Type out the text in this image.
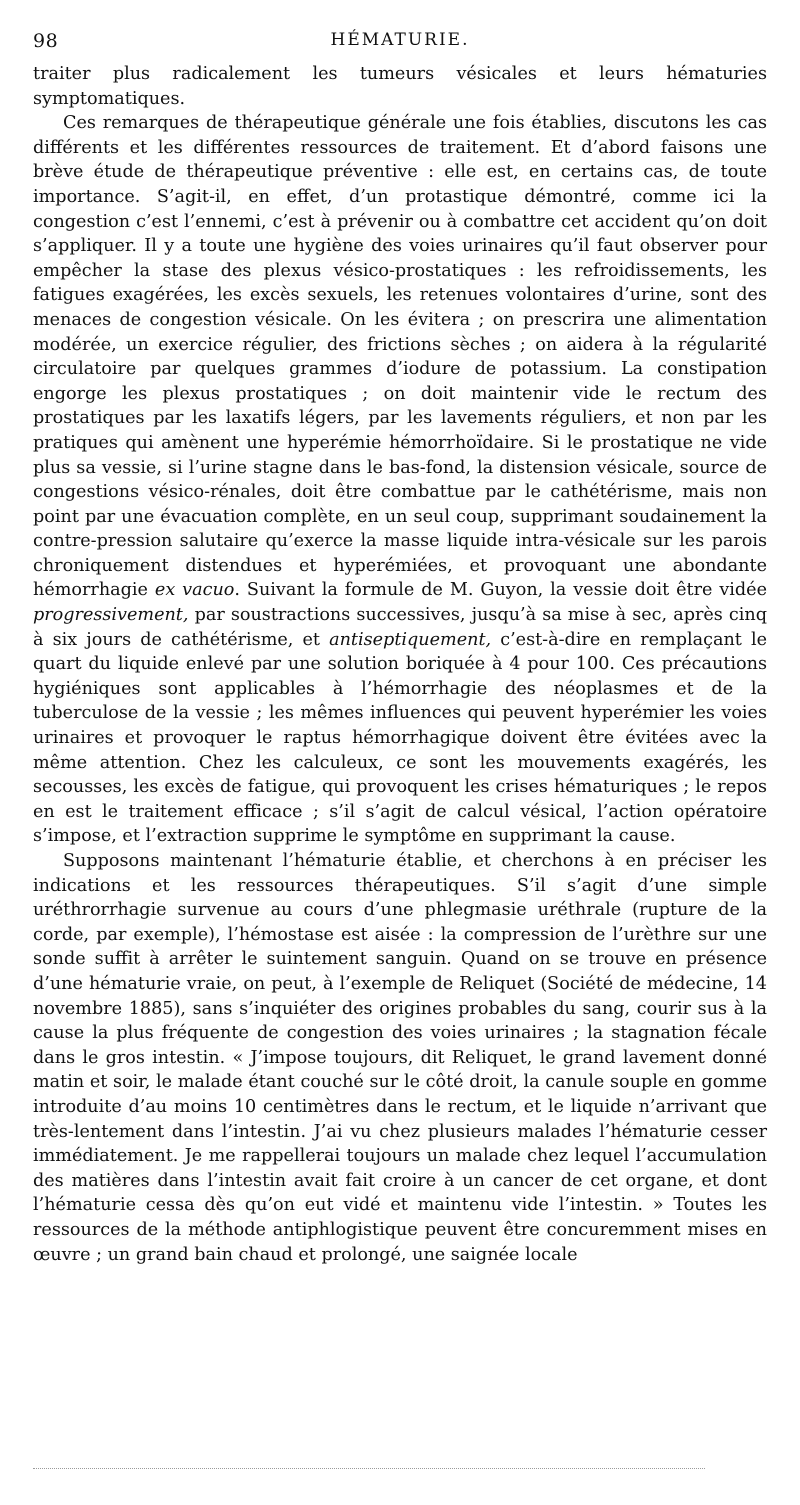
98	HÉMATURIE.

traiter plus radicalement les tumeurs vésicales et leurs hématuries symptomatiques.

Ces remarques de thérapeutique générale une fois établies, discutons les cas différents et les différentes ressources de traitement. Et d’abord faisons une brève étude de thérapeutique préventive : elle est, en certains cas, de toute importance. S’agit-il, en effet, d’un protastique démontré, comme ici la congestion c’est l’ennemi, c’est à prévenir ou à combattre cet accident qu’on doit s’appliquer. Il y a toute une hygiène des voies urinaires qu’il faut observer pour empêcher la stase des plexus vésico-prostatiques : les refroidissements, les fatigues exagérées, les excès sexuels, les retenues volontaires d’urine, sont des menaces de congestion vésicale. On les évitera ; on prescrira une alimentation modérée, un exercice régulier, des frictions sèches ; on aidera à la régularité circulatoire par quelques grammes d’iodure de potassium. La constipation engorge les plexus prostatiques ; on doit maintenir vide le rectum des prostatiques par les laxatifs légers, par les lavements réguliers, et non par les pratiques qui amènent une hyperémie hémorrhoïdaire. Si le prostatique ne vide plus sa vessie, si l’urine stagne dans le bas-fond, la distension vésicale, source de congestions vésico-rénales, doit être combattue par le cathétérisme, mais non point par une évacuation complète, en un seul coup, supprimant soudainement la contre-pression salutaire qu’exerce la masse liquide intra-vésicale sur les parois chroniquement distendues et hyperémiées, et provoquant une abondante hémorrhagie ex vacuo. Suivant la formule de M. Guyon, la vessie doit être vidée progressivement, par soustractions successives, jusqu’à sa mise à sec, après cinq à six jours de cathétérisme, et antiseptiquement, c’est-à-dire en remplaçant le quart du liquide enlevé par une solution boriquée à 4 pour 100. Ces précautions hygiéniques sont applicables à l’hémorrhagie des néoplasmes et de la tuberculose de la vessie ; les mêmes influences qui peuvent hyperémier les voies urinaires et provoquer le raptus hémorrhagique doivent être évitées avec la même attention. Chez les calculeux, ce sont les mouvements exagérés, les secousses, les excès de fatigue, qui provoquent les crises hématuriques ; le repos en est le traitement efficace ; s’il s’agit de calcul vésical, l’action opératoire s’impose, et l’extraction supprime le symptôme en supprimant la cause.

Supposons maintenant l’hématurie établie, et cherchons à en préciser les indications et les ressources thérapeutiques. S’il s’agit d’une simple uréthrorrhagie survenue au cours d’une phlegmasie uréthrale (rupture de la corde, par exemple), l’hémostase est aisée : la compression de l’urèthre sur une sonde suffit à arrêter le suintement sanguin. Quand on se trouve en présence d’une hématurie vraie, on peut, à l’exemple de Reliquet (Société de médecine, 14 novembre 1885), sans s’inquiéter des origines probables du sang, courir sus à la cause la plus fréquente de congestion des voies urinaires ; la stagnation fécale dans le gros intestin. « J’impose toujours, dit Reliquet, le grand lavement donné matin et soir, le malade étant couché sur le côté droit, la canule souple en gomme introduite d’au moins 10 centimètres dans le rectum, et le liquide n’arrivant que très-lentement dans l’intestin. J’ai vu chez plusieurs malades l’hématurie cesser immédiatement. Je me rappellerai toujours un malade chez lequel l’accumulation des matières dans l’intestin avait fait croire à un cancer de cet organe, et dont l’hématurie cessa dès qu’on eut vidé et maintenu vide l’intestin. » Toutes les ressources de la méthode antiphlogistique peuvent être concuremment mises en œuvre ; un grand bain chaud et prolongé, une saignée locale
